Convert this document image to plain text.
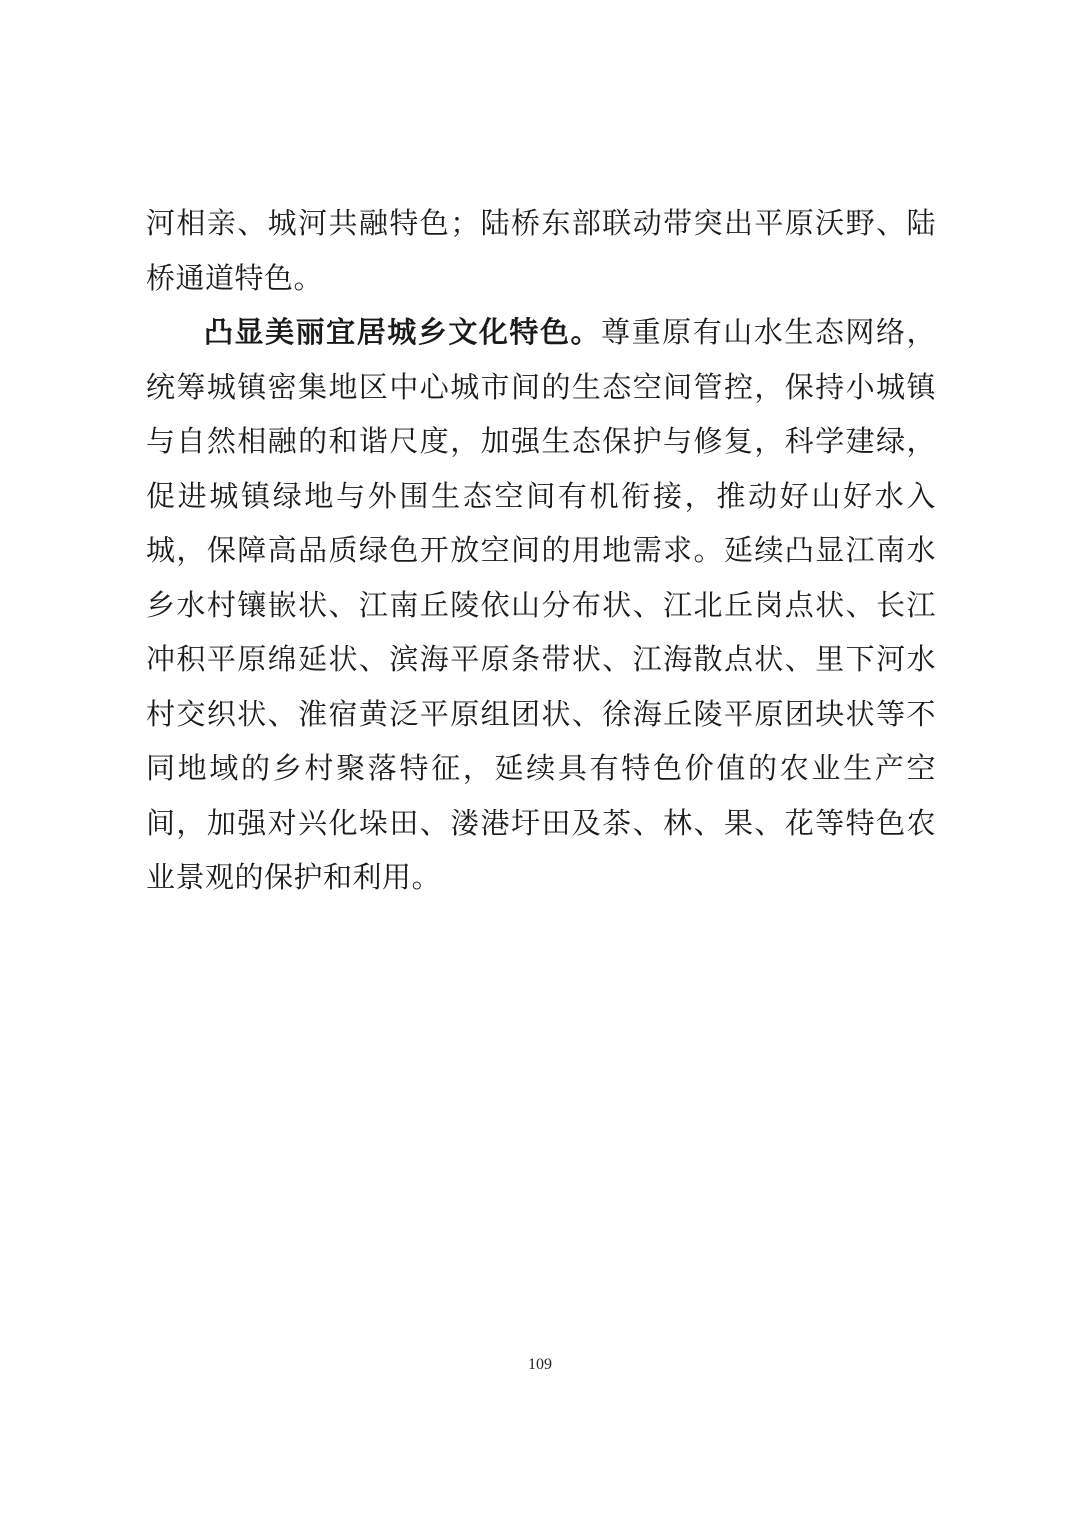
河相亲、城河共融特色；陆桥东部联动带突出平原沃野、陆桥通道特色。

凸显美丽宜居城乡文化特色。尊重原有山水生态网络，统筹城镇密集地区中心城市间的生态空间管控，保持小城镇与自然相融的和谐尺度，加强生态保护与修复，科学建绿，促进城镇绿地与外围生态空间有机衔接，推动好山好水入城，保障高品质绿色开放空间的用地需求。延续凸显江南水乡水村镶嵌状、江南丘陵依山分布状、江北丘岗点状、长江冲积平原绵延状、滨海平原条带状、江海散点状、里下河水村交织状、淮宿黄泛平原组团状、徐海丘陵平原团块状等不同地域的乡村聚落特征，延续具有特色价值的农业生产空间，加强对兴化垛田、溇港圩田及茶、林、果、花等特色农业景观的保护和利用。

109
